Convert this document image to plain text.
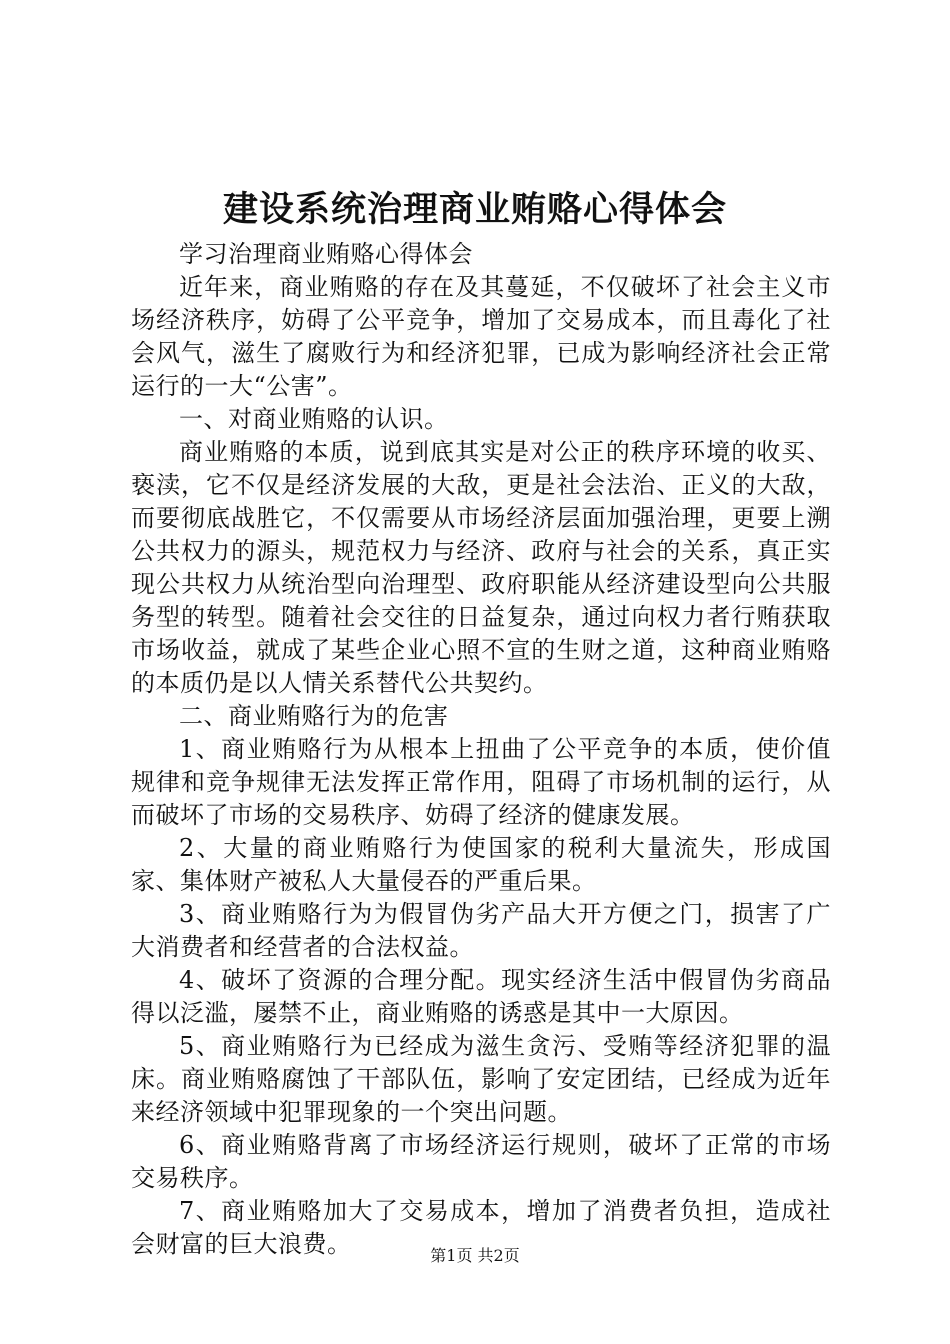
建设系统治理商业贿赂心得体会

学习治理商业贿赂心得体会

近年来，商业贿赂的存在及其蔓延，不仅破坏了社会主义市场经济秩序，妨碍了公平竞争，增加了交易成本，而且毒化了社会风气，滋生了腐败行为和经济犯罪，已成为影响经济社会正常运行的一大“公害”。

一、对商业贿赂的认识。

商业贿赂的本质，说到底其实是对公正的秩序环境的收买、亵渎，它不仅是经济发展的大敌，更是社会法治、正义的大敌，而要彻底战胜它，不仅需要从市场经济层面加强治理，更要上溯公共权力的源头，规范权力与经济、政府与社会的关系，真正实现公共权力从统治型向治理型、政府职能从经济建设型向公共服务型的转型。随着社会交往的日益复杂，通过向权力者行贿获取市场收益，就成了某些企业心照不宣的生财之道，这种商业贿赂的本质仍是以人情关系替代公共契约。

二、商业贿赂行为的危害

1、商业贿赂行为从根本上扭曲了公平竞争的本质，使价值规律和竞争规律无法发挥正常作用，阻碍了市场机制的运行，从而破坏了市场的交易秩序、妨碍了经济的健康发展。

2、大量的商业贿赂行为使国家的税利大量流失，形成国家、集体财产被私人大量侵吞的严重后果。

3、商业贿赂行为为假冒伪劣产品大开方便之门，损害了广大消费者和经营者的合法权益。

4、破坏了资源的合理分配。现实经济生活中假冒伪劣商品得以泛滥，屡禁不止，商业贿赂的诱惑是其中一大原因。

5、商业贿赂行为已经成为滋生贪污、受贿等经济犯罪的温床。商业贿赂腐蚀了干部队伍，影响了安定团结，已经成为近年来经济领域中犯罪现象的一个突出问题。

6、商业贿赂背离了市场经济运行规则，破坏了正常的市场交易秩序。

7、商业贿赂加大了交易成本，增加了消费者负担，造成社会财富的巨大浪费。	第1页 共2页
